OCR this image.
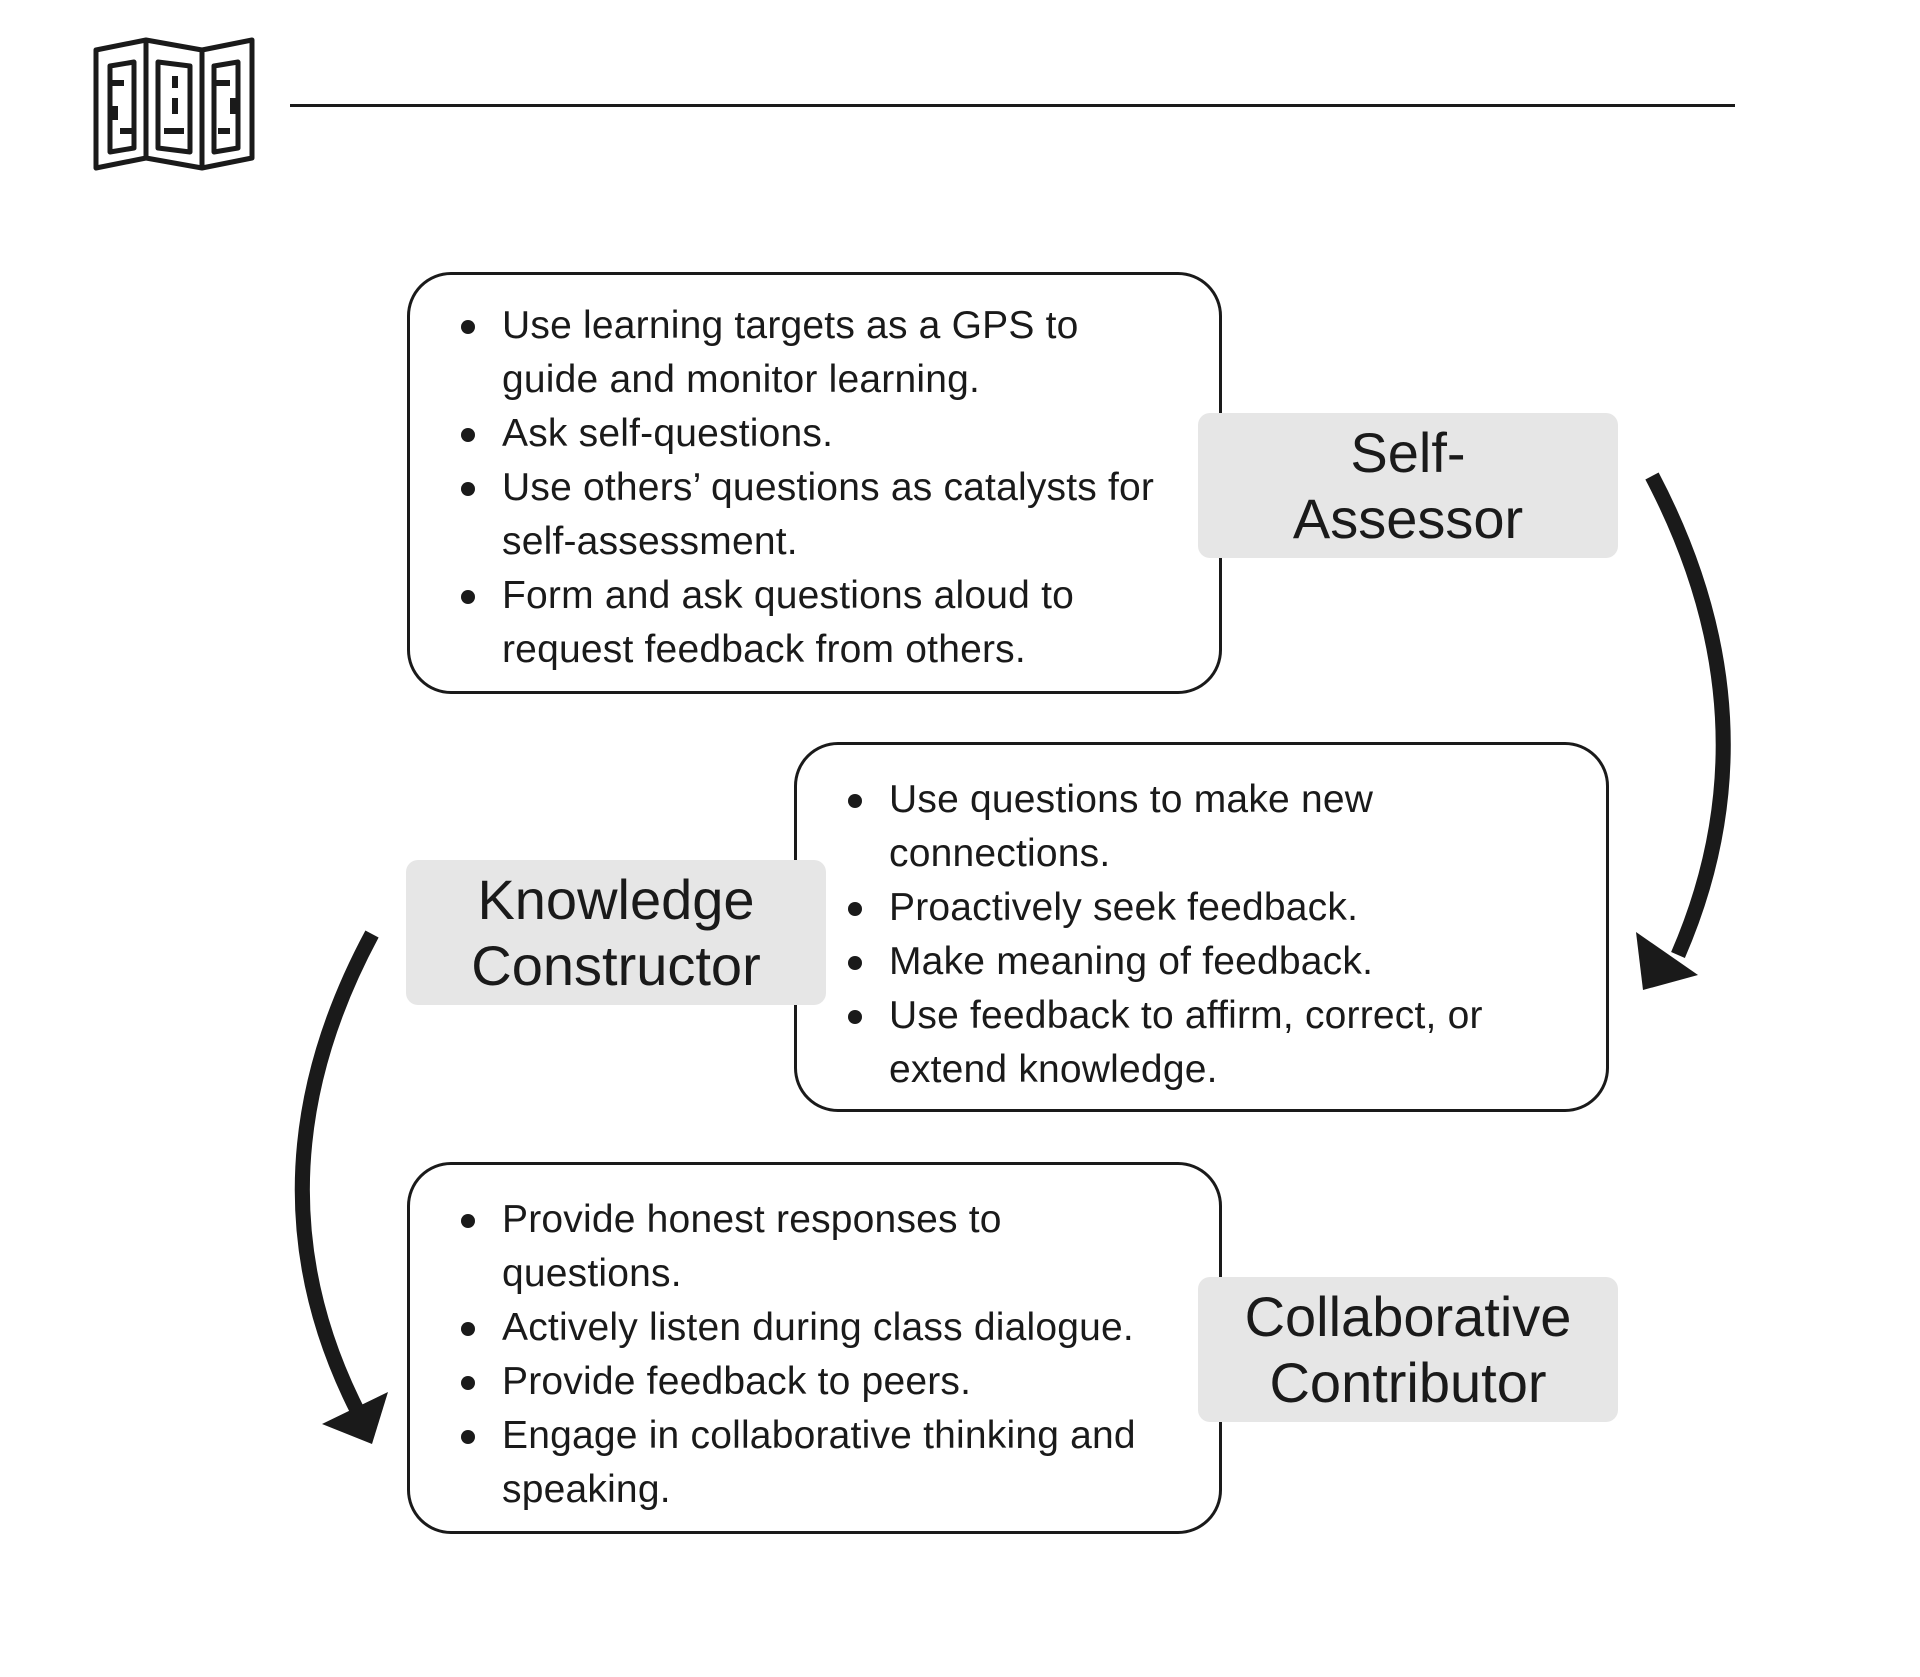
Use learning targets as a GPS to guide and monitor learning.
Ask self-questions.
Use others’ questions as catalysts for self-assessment.
Form and ask questions aloud to request feedback from others.
Self-
Assessor
Use questions to make new connections.
Proactively seek feedback.
Make meaning of feedback.
Use feedback to affirm, correct, or extend knowledge.
Knowledge
Constructor
Provide honest responses to questions.
Actively listen during class dialogue.
Provide feedback to peers.
Engage in collaborative thinking and speaking.
Collaborative
Contributor
